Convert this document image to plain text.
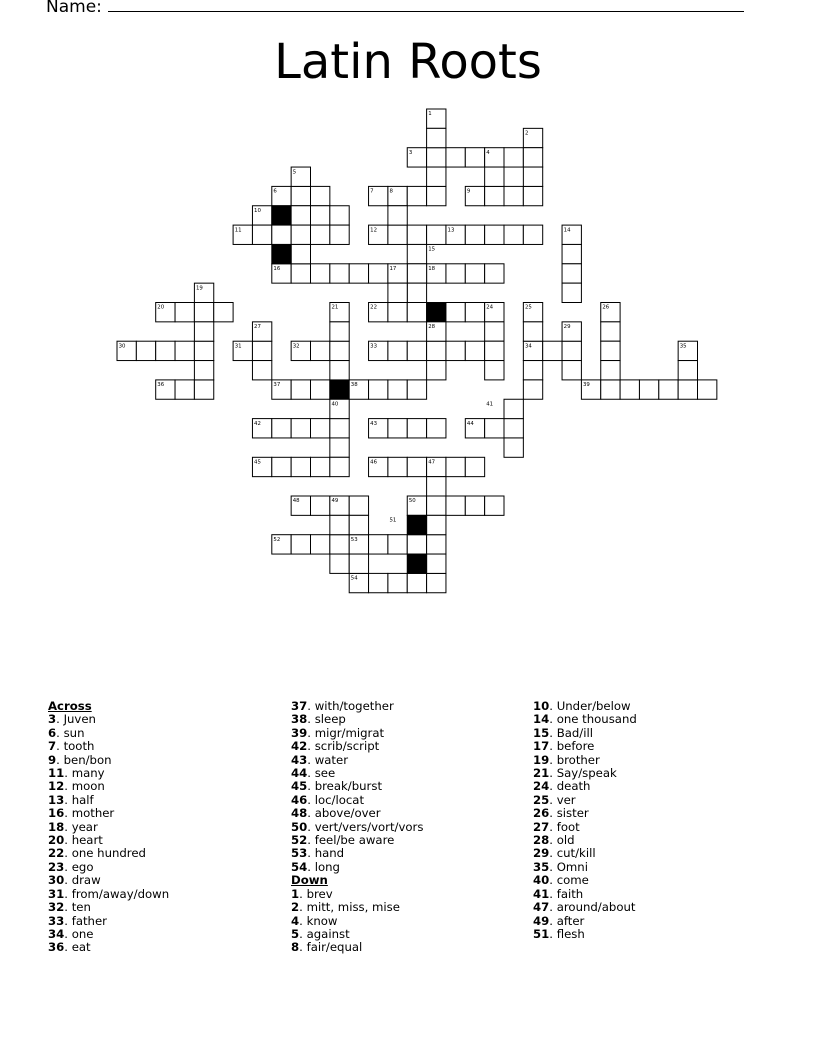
Name:
Latin Roots
1
2
3	4
5
6	7	8	9
10
11	12	13	14
15
16	17	18
19
20	21	22	23	24	25	26
27	28	29
30	31	32	33	34	35
36	37	38	39
40	41
42	43	44
45	46	47
48	49	50
51
52	53
54
Across
3. Juven
6. sun
7. tooth
9. ben/bon
11. many
12. moon
13. half
16. mother
18. year
20. heart
22. one hundred
23. ego
30. draw
31. from/away/down
32. ten
33. father
34. one
36. eat
37. with/together
38. sleep
39. migr/migrat
42. scrib/script
43. water
44. see
45. break/burst
46. loc/locat
48. above/over
50. vert/vers/vort/vors
52. feel/be aware
53. hand
54. long
Down
1. brev
2. mitt, miss, mise
4. know
5. against
8. fair/equal
10. Under/below
14. one thousand
15. Bad/ill
17. before
19. brother
21. Say/speak
24. death
25. ver
26. sister
27. foot
28. old
29. cut/kill
35. Omni
40. come
41. faith
47. around/about
49. after
51. flesh
